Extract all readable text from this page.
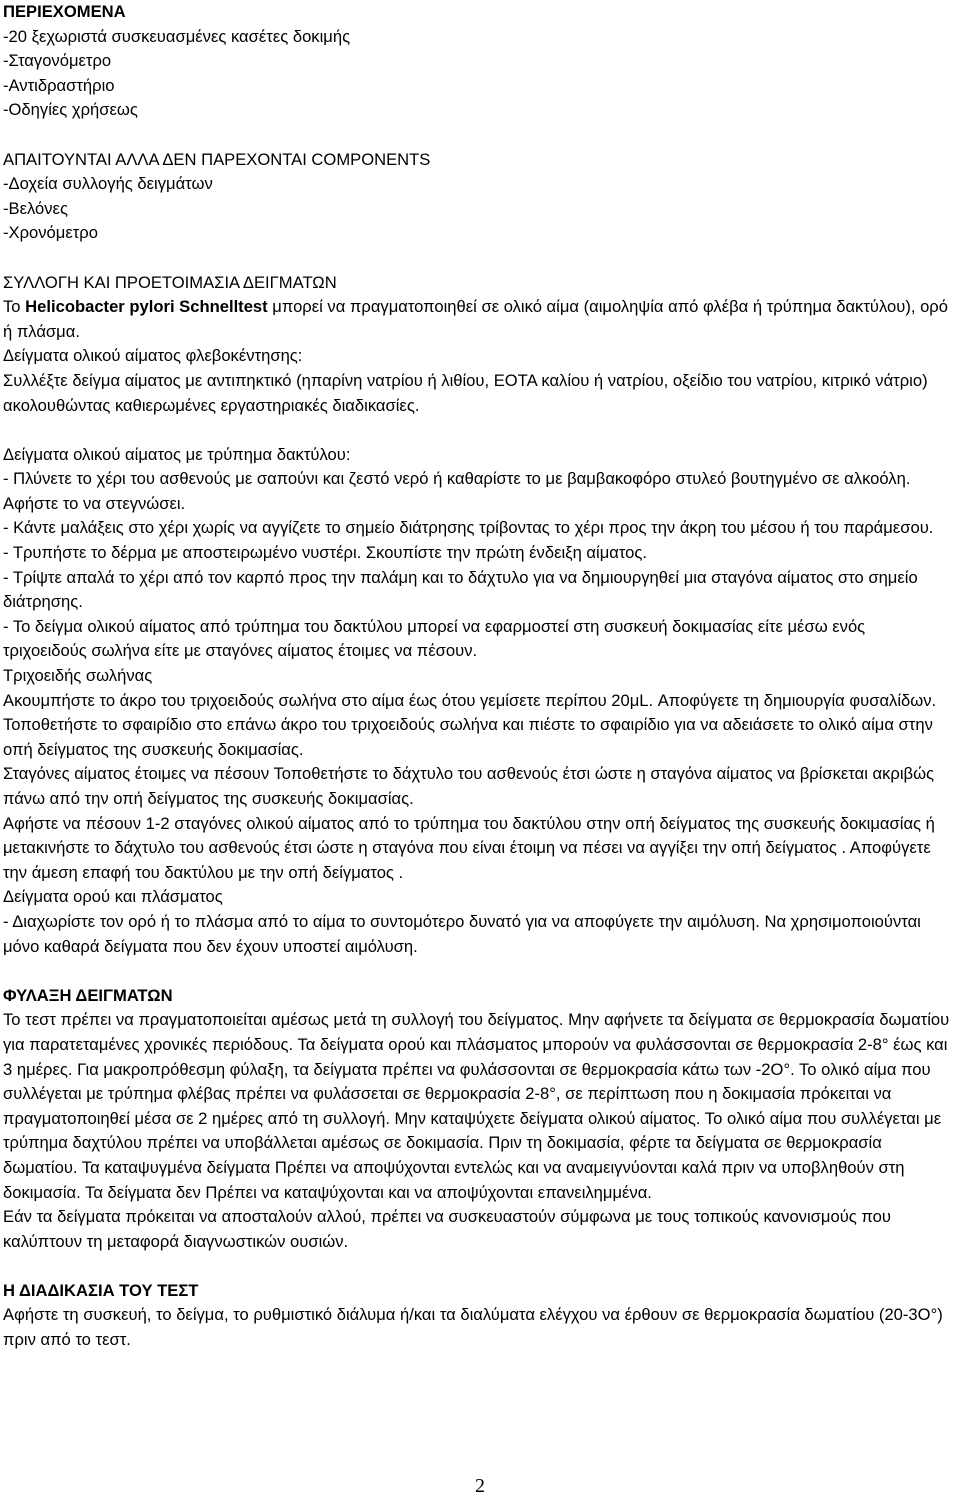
ΠΕΡΙΕΧΟΜΕΝΑ
-20 ξεχωριστά συσκευασμένες κασέτες δοκιμής
-Σταγονόμετρο
-Αντιδραστήριο
-Οδηγίες χρήσεως
ΑΠΑΙΤΟΥΝΤΑΙ ΑΛΛΑ ΔΕΝ ΠΑΡΕΧΟΝΤΑΙ COMPONENTS
-Δοχεία συλλογής δειγμάτων
-Βελόνες
-Χρονόμετρο
ΣΥΛΛΟΓΗ ΚΑΙ ΠΡΟΕΤΟΙΜΑΣΙΑ ΔΕΙΓΜΑΤΩΝ
Το Helicobacter pylori Schnelltest μπορεί να πραγματοποιηθεί σε ολικό αίμα (αιμοληψία από φλέβα ή τρύπημα δακτύλου), ορό ή πλάσμα.
Δείγματα ολικού αίματος φλεβοκέντησης:
Συλλέξτε δείγμα αίματος με αντιπηκτικό (ηπαρίνη νατρίου ή λιθίου, ΕΟΤΑ καλίου ή νατρίου, οξείδιο του νατρίου, κιτρικό νάτριο) ακολουθώντας καθιερωμένες εργαστηριακές διαδικασίες.
Δείγματα ολικού αίματος με τρύπημα δακτύλου:
- Πλύνετε το χέρι του ασθενούς με σαπούνι και ζεστό νερό ή καθαρίστε το με βαμβακοφόρο στυλεό βουτηγμένο σε αλκοόλη. Αφήστε το να στεγνώσει.
- Κάντε μαλάξεις στο χέρι χωρίς να αγγίζετε το σημείο διάτρησης τρίβοντας το χέρι προς την άκρη του μέσου ή του παράμεσου.
- Τρυπήστε το δέρμα με αποστειρωμένο νυστέρι. Σκουπίστε την πρώτη ένδειξη αίματος.
- Τρίψτε απαλά το χέρι από τον καρπό προς την παλάμη και το δάχτυλο για να δημιουργηθεί μια σταγόνα αίματος στο σημείο διάτρησης.
- Το δείγμα ολικού αίματος από τρύπημα του δακτύλου μπορεί να εφαρμοστεί στη συσκευή δοκιμασίας είτε μέσω ενός τριχοειδούς σωλήνα είτε με σταγόνες αίματος έτοιμες να πέσουν.
Τριχοειδής σωλήνας
Ακουμπήστε το άκρο του τριχοειδούς σωλήνα στο αίμα έως ότου γεμίσετε περίπου 20μL. Αποφύγετε τη δημιουργία φυσαλίδων.
Τοποθετήστε το σφαιρίδιο στο επάνω άκρο του τριχοειδούς σωλήνα και πιέστε το σφαιρίδιο για να αδειάσετε το ολικό αίμα στην οπή δείγματος της συσκευής δοκιμασίας.
Σταγόνες αίματος έτοιμες να πέσουν Τοποθετήστε το δάχτυλο του ασθενούς έτσι ώστε η σταγόνα αίματος να βρίσκεται ακριβώς πάνω από την οπή δείγματος της συσκευής δοκιμασίας.
Αφήστε να πέσουν 1-2 σταγόνες ολικού αίματος από το τρύπημα του δακτύλου στην οπή δείγματος της συσκευής δοκιμασίας ή μετακινήστε το δάχτυλο του ασθενούς έτσι ώστε η σταγόνα που είναι έτοιμη να πέσει να αγγίξει την οπή δείγματος . Αποφύγετε την άμεση επαφή του δακτύλου με την οπή δείγματος .
Δείγματα ορού και πλάσματος
- Διαχωρίστε τον ορό ή το πλάσμα από το αίμα το συντομότερο δυνατό για να αποφύγετε την αιμόλυση. Να χρησιμοποιούνται μόνο καθαρά δείγματα που δεν έχουν υποστεί αιμόλυση.
ΦΥΛΑΞΗ ΔΕΙΓΜΑΤΩΝ
Το τεστ πρέπει να πραγματοποιείται αμέσως μετά τη συλλογή του δείγματος. Μην αφήνετε τα δείγματα σε θερμοκρασία δωματίου για παρατεταμένες χρονικές περιόδους. Τα δείγματα ορού και πλάσματος μπορούν να φυλάσσονται σε θερμοκρασία 2-8° έως και 3 ημέρες. Για μακροπρόθεσμη φύλαξη, τα δείγματα πρέπει να φυλάσσονται σε θερμοκρασία κάτω των -2Ο°. Το ολικό αίμα που συλλέγεται με τρύπημα φλέβας πρέπει να φυλάσσεται σε θερμοκρασία 2-8°, σε περίπτωση που η δοκιμασία πρόκειται να πραγματοποιηθεί μέσα σε 2 ημέρες από τη συλλογή. Μην καταψύχετε δείγματα ολικού αίματος. Το ολικό αίμα που συλλέγεται με τρύπημα δαχτύλου πρέπει να υποβάλλεται αμέσως σε δοκιμασία. Πριν τη δοκιμασία, φέρτε τα δείγματα σε θερμοκρασία δωματίου. Τα καταψυγμένα δείγματα Πρέπει να αποψύχονται εντελώς και να αναμειγνύονται καλά πριν να υποβληθούν στη δοκιμασία. Τα δείγματα δεν Πρέπει να καταψύχονται και να αποψύχονται επανειλημμένα.
Εάν τα δείγματα πρόκειται να αποσταλούν αλλού, πρέπει να συσκευαστούν σύμφωνα με τους τοπικούς κανονισμούς που καλύπτουν τη μεταφορά διαγνωστικών ουσιών.
Η ΔΙΑΔΙΚΑΣΙΑ ΤΟΥ ΤΕΣΤ
Αφήστε τη συσκευή, το δείγμα, το ρυθμιστικό διάλυμα ή/και τα διαλύματα ελέγχου να έρθουν σε θερμοκρασία δωματίου (20-3Ο°) πριν από το τεστ.
2
